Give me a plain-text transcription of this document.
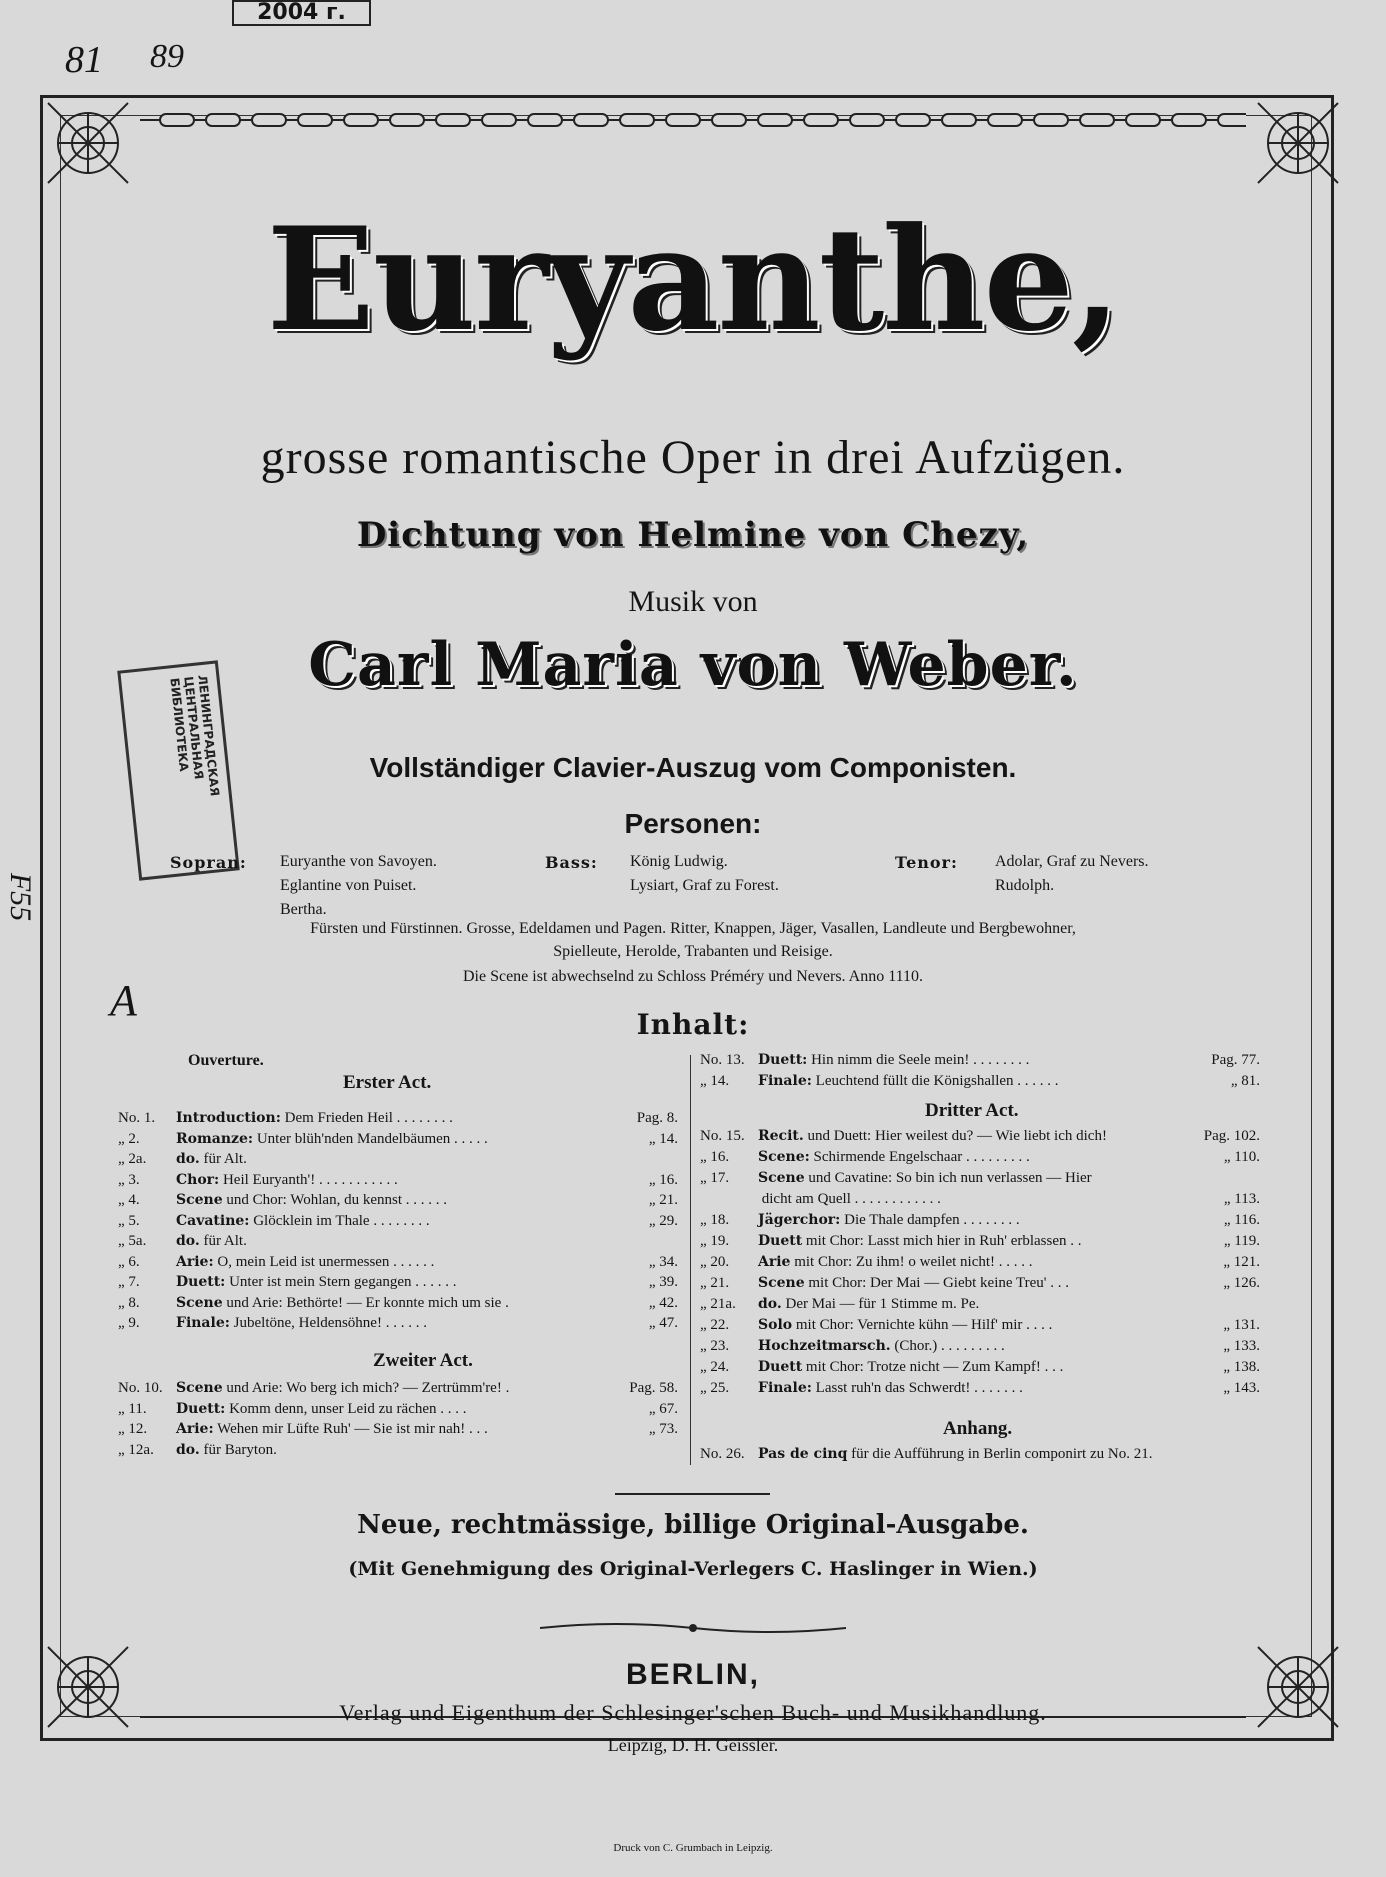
2004 г.
81 89
F55
A
Euryanthe,
grosse romantische Oper in drei Aufzügen.
Dichtung von Helmine von Chezy,
Musik von
Carl Maria von Weber.
Vollständiger Clavier-Auszug vom Componisten.
ЛЕНИНГРАДСКАЯ ЦЕНТРАЛЬНАЯ БИБЛИОТЕКА
Personen:
Sopran: Euryanthe von Savoyen.
Eglantine von Puiset.
Bertha.
Bass: König Ludwig.
Lysiart, Graf zu Forest.
Tenor: Adolar, Graf zu Nevers.
Rudolph.
Fürsten und Fürstinnen. Grosse, Edeldamen und Pagen. Ritter, Knappen, Jäger, Vasallen, Landleute und Bergbewohner,
Spielleute, Herolde, Trabanten und Reisige.
Die Scene ist abwechselnd zu Schloss Préméry und Nevers. Anno 1110.
Inhalt:
Ouverture.
Erster Act.
No. 1. Introduction: Dem Frieden Heil . . . . . . . .	Pag. 8.
„ 2.	Romanze: Unter blüh'nden Mandelbäumen . . . . .	„ 14.
„ 2a. do. für Alt.
„ 3.	Chor: Heil Euryanth'! . . . . . . . . . . .	„ 16.
„ 4.	Scene und Chor: Wohlan, du kennst . . . . . .	„ 21.
„ 5.	Cavatine: Glöcklein im Thale . . . . . . . .	„ 29.
„ 5a. do. für Alt.
„ 6.	Arie: O, mein Leid ist unermessen . . . . . .	„ 34.
„ 7.	Duett: Unter ist mein Stern gegangen . . . . . .	„ 39.
„ 8.	Scene und Arie: Bethörte! — Er konnte mich um sie .	„ 42.
„ 9.	Finale: Jubeltöne, Heldensöhne! . . . . . .	„ 47.
Zweiter Act.
No. 10. Scene und Arie: Wo berg ich mich? — Zertrümm're! .	Pag. 58.
„ 11. Duett: Komm denn, unser Leid zu rächen . . . .	„ 67.
„ 12. Arie: Wehen mir Lüfte Ruh' — Sie ist mir nah! . . .	„ 73.
„ 12a. do. für Baryton.
No. 13. Duett: Hin nimm die Seele mein! . . . . . . . .	Pag. 77.
„ 14. Finale: Leuchtend füllt die Königshallen . . . . . .	„ 81.
Dritter Act.
No. 15. Recit. und Duett: Hier weilest du? — Wie liebt ich dich!	Pag. 102.
„ 16. Scene: Schirmende Engelschaar . . . . . . . . .	„ 110.
„ 17. Scene und Cavatine: So bin ich nun verlassen — Hier
dicht am Quell . . . . . . . . . . . .	„ 113.
„ 18. Jägerchor: Die Thale dampfen . . . . . . . .	„ 116.
„ 19. Duett mit Chor: Lasst mich hier in Ruh' erblassen . .	„ 119.
„ 20. Arie mit Chor: Zu ihm! o weilet nicht! . . . . .	„ 121.
„ 21. Scene mit Chor: Der Mai — Giebt keine Treu' . . .	„ 126.
„ 21a. do. Der Mai — für 1 Stimme m. Pe.
„ 22. Solo mit Chor: Vernichte kühn — Hilf' mir . . . .	„ 131.
„ 23. Hochzeitmarsch. (Chor.) . . . . . . . . .	„ 133.
„ 24. Duett mit Chor: Trotze nicht — Zum Kampf! . . .	„ 138.
„ 25. Finale: Lasst ruh'n das Schwerdt! . . . . . . .	„ 143.
Anhang.
No. 26. Pas de cinq für die Aufführung in Berlin componirt zu No. 21.
Neue, rechtmässige, billige Original-Ausgabe.
(Mit Genehmigung des Original-Verlegers C. Haslinger in Wien.)
BERLIN,
Verlag und Eigenthum der Schlesinger'schen Buch- und Musikhandlung.
Leipzig, D. H. Geissler.
Druck von C. Grumbach in Leipzig.
